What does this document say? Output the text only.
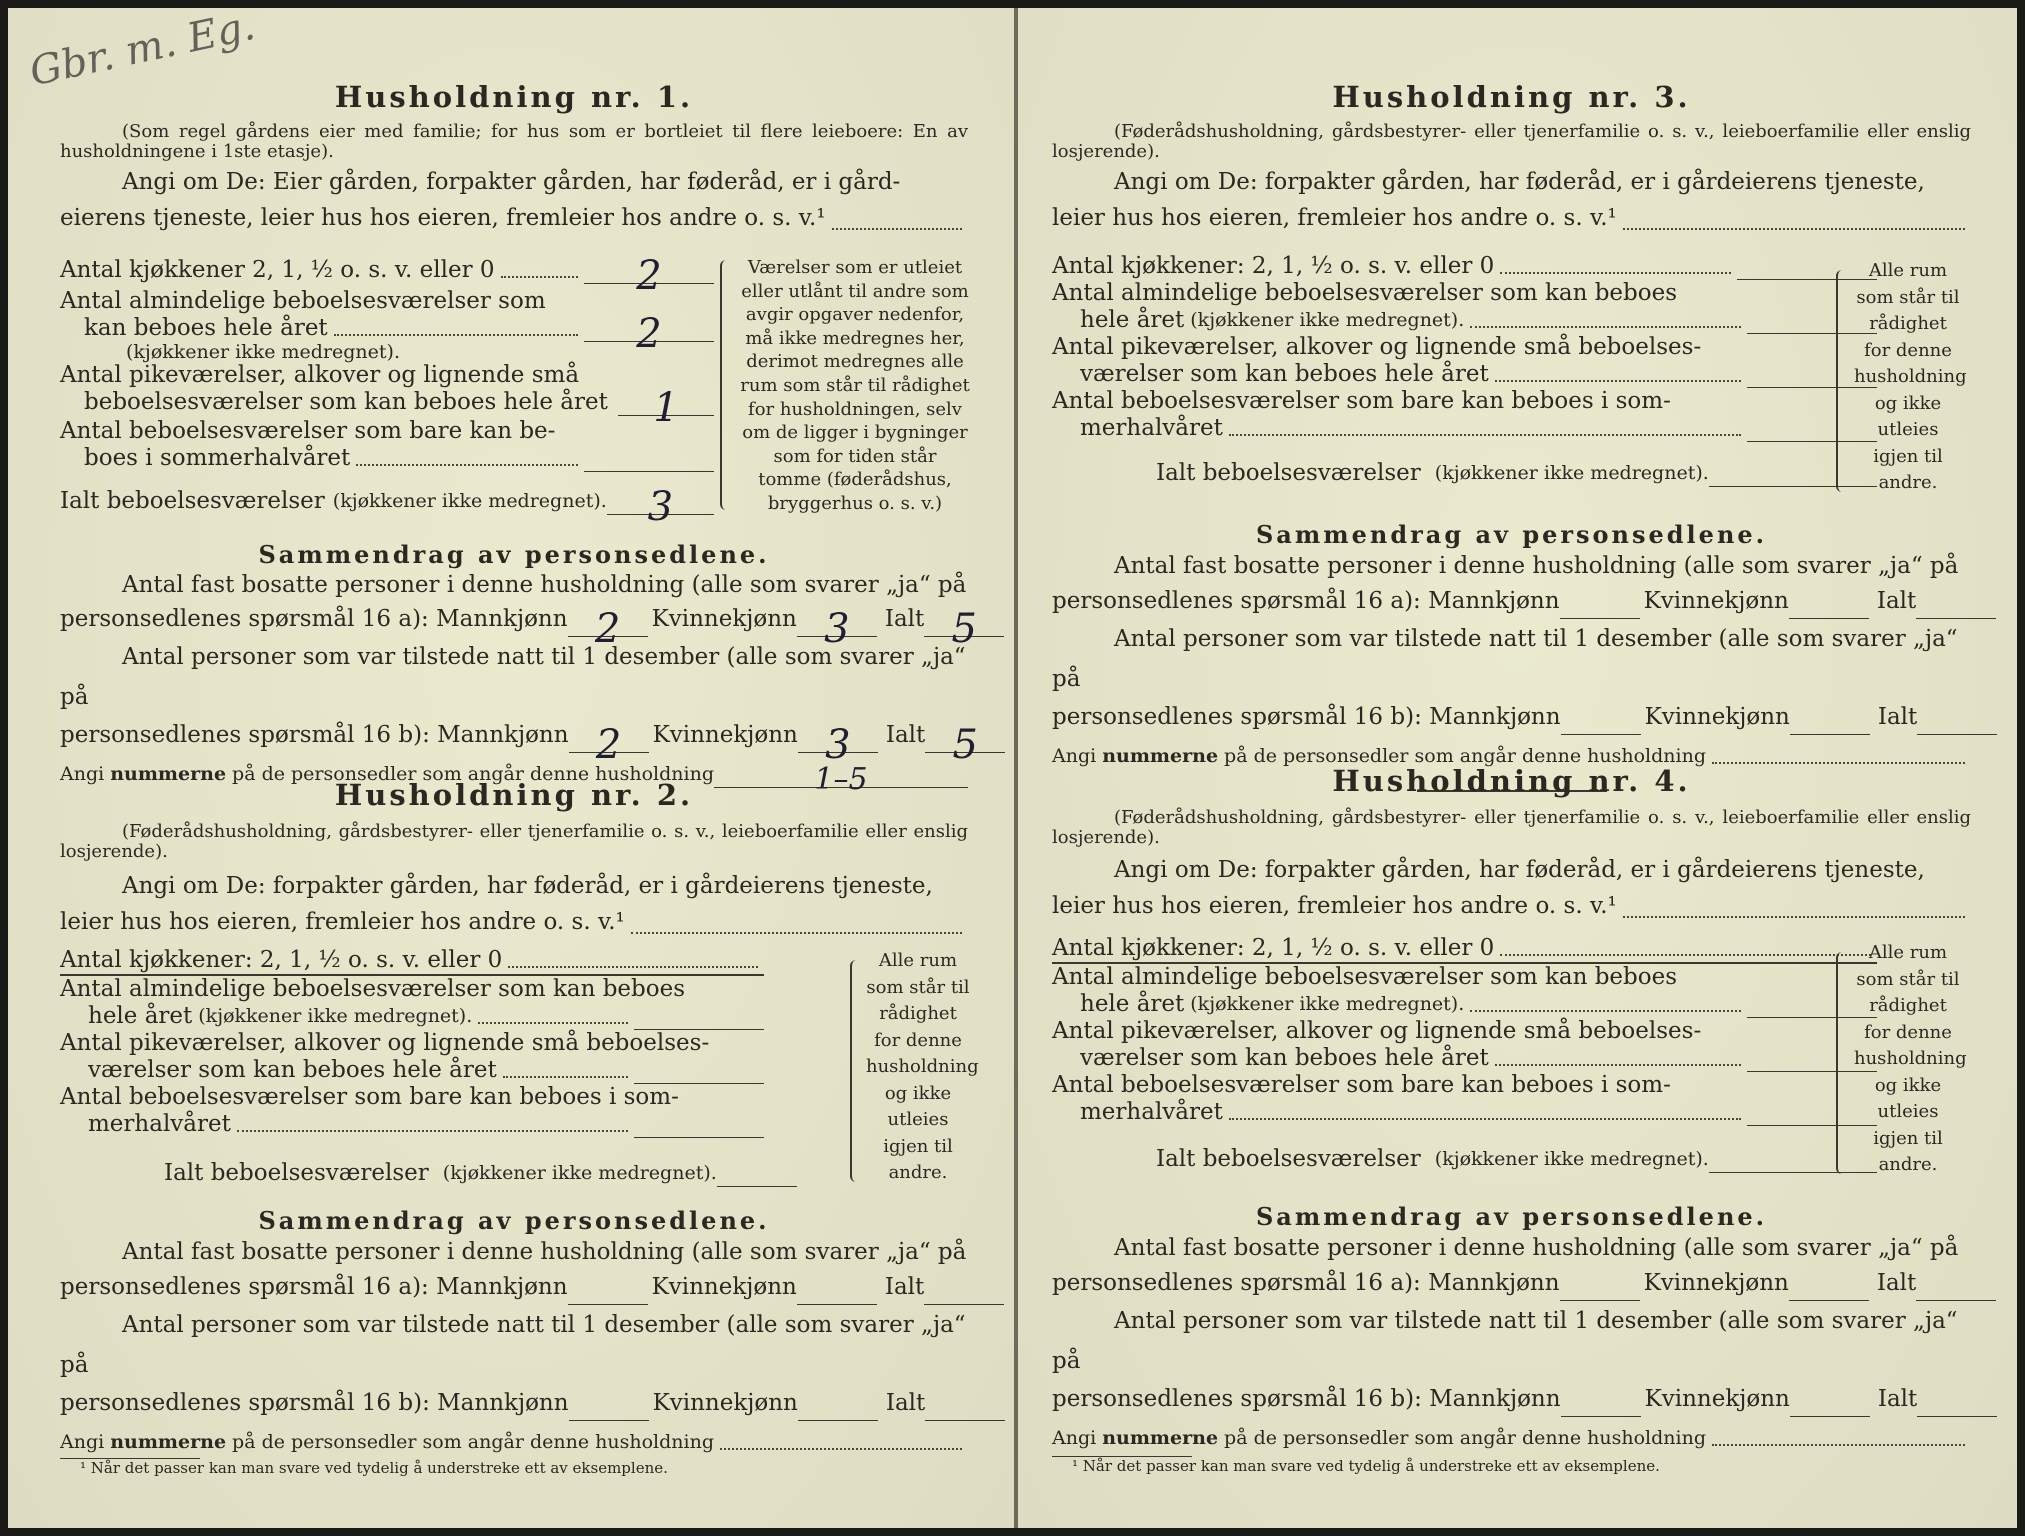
Gbr. m. Eg.
Husholdning nr. 1.
(Som regel gårdens eier med familie; for hus som er bortleiet til flere leieboere: En av husholdningene i 1ste etasje).
Angi om De: Eier gården, forpakter gården, har føderåd, er i gård-
eierens tjeneste, leier hus hos eieren, fremleier hos andre o. s. v.¹
Antal kjøkkener 2, 1, ½ o. s. v. eller 0	2
Antal almindelige beboelsesværelser som
kan beboes hele året	2
(kjøkkener ikke medregnet).
Antal pikeværelser, alkover og lignende små
beboelsesværelser som kan beboes hele året	1
Antal beboelsesværelser som bare kan be-
boes i sommerhalvåret
Ialt beboelsesværelser (kjøkkener ikke medregnet).	3
Værelser som er utleiet eller utlånt til andre som avgir opgaver nedenfor, må ikke medregnes her, derimot medregnes alle rum som står til rådighet for husholdningen, selv om de ligger i bygninger som for tiden står tomme (føderådshus, bryggerhus o. s. v.)
Sammendrag av personsedlene.
Antal fast bosatte personer i denne husholdning (alle som svarer „ja“ på
personsedlenes spørsmål 16 a): Mannkjønn 2	Kvinnekjønn 3	Ialt 5
Antal personer som var tilstede natt til 1 desember (alle som svarer „ja“ på
personsedlenes spørsmål 16 b): Mannkjønn 2	Kvinnekjønn 3	Ialt 5
Angi nummerne på de personsedler som angår denne husholdning	1–5
Husholdning nr. 2.
(Føderådshusholdning, gårdsbestyrer- eller tjenerfamilie o. s. v., leieboerfamilie eller enslig losjerende).
Angi om De: forpakter gården, har føderåd, er i gårdeierens tjeneste,
leier hus hos eieren, fremleier hos andre o. s. v.¹
Antal kjøkkener: 2, 1, ½ o. s. v. eller 0
Antal almindelige beboelsesværelser som kan beboes
hele året (kjøkkener ikke medregnet).
Antal pikeværelser, alkover og lignende små beboelses-
værelser som kan beboes hele året
Antal beboelsesværelser som bare kan beboes i som-
merhalvåret
Ialt beboelsesværelser (kjøkkener ikke medregnet).
Alle rum som står til rådighet for denne husholdning og ikke utleies igjen til andre.
Sammendrag av personsedlene.
Antal fast bosatte personer i denne husholdning (alle som svarer „ja“ på
personsedlenes spørsmål 16 a): Mannkjønn	Kvinnekjønn	Ialt
Antal personer som var tilstede natt til 1 desember (alle som svarer „ja“ på
personsedlenes spørsmål 16 b): Mannkjønn	Kvinnekjønn	Ialt
Angi nummerne på de personsedler som angår denne husholdning
¹ Når det passer kan man svare ved tydelig å understreke ett av eksemplene.
Husholdning nr. 3.
(Føderådshusholdning, gårdsbestyrer- eller tjenerfamilie o. s. v., leieboerfamilie eller enslig losjerende).
Angi om De: forpakter gården, har føderåd, er i gårdeierens tjeneste,
leier hus hos eieren, fremleier hos andre o. s. v.¹
Antal kjøkkener: 2, 1, ½ o. s. v. eller 0
Antal almindelige beboelsesværelser som kan beboes
hele året (kjøkkener ikke medregnet).
Antal pikeværelser, alkover og lignende små beboelses-
værelser som kan beboes hele året
Antal beboelsesværelser som bare kan beboes i som-
merhalvåret
Ialt beboelsesværelser (kjøkkener ikke medregnet).
Alle rum som står til rådighet for denne husholdning og ikke utleies igjen til andre.
Sammendrag av personsedlene.
Antal fast bosatte personer i denne husholdning (alle som svarer „ja“ på
personsedlenes spørsmål 16 a): Mannkjønn	Kvinnekjønn	Ialt
Antal personer som var tilstede natt til 1 desember (alle som svarer „ja“ på
personsedlenes spørsmål 16 b): Mannkjønn	Kvinnekjønn	Ialt
Angi nummerne på de personsedler som angår denne husholdning
Husholdning nr. 4.
(Føderådshusholdning, gårdsbestyrer- eller tjenerfamilie o. s. v., leieboerfamilie eller enslig losjerende).
Angi om De: forpakter gården, har føderåd, er i gårdeierens tjeneste,
leier hus hos eieren, fremleier hos andre o. s. v.¹
Antal kjøkkener: 2, 1, ½ o. s. v. eller 0
Antal almindelige beboelsesværelser som kan beboes
hele året (kjøkkener ikke medregnet).
Antal pikeværelser, alkover og lignende små beboelses-
værelser som kan beboes hele året
Antal beboelsesværelser som bare kan beboes i som-
merhalvåret
Ialt beboelsesværelser (kjøkkener ikke medregnet).
Alle rum som står til rådighet for denne husholdning og ikke utleies igjen til andre.
Sammendrag av personsedlene.
Antal fast bosatte personer i denne husholdning (alle som svarer „ja“ på
personsedlenes spørsmål 16 a): Mannkjønn	Kvinnekjønn	Ialt
Antal personer som var tilstede natt til 1 desember (alle som svarer „ja“ på
personsedlenes spørsmål 16 b): Mannkjønn	Kvinnekjønn	Ialt
Angi nummerne på de personsedler som angår denne husholdning
¹ Når det passer kan man svare ved tydelig å understreke ett av eksemplene.
